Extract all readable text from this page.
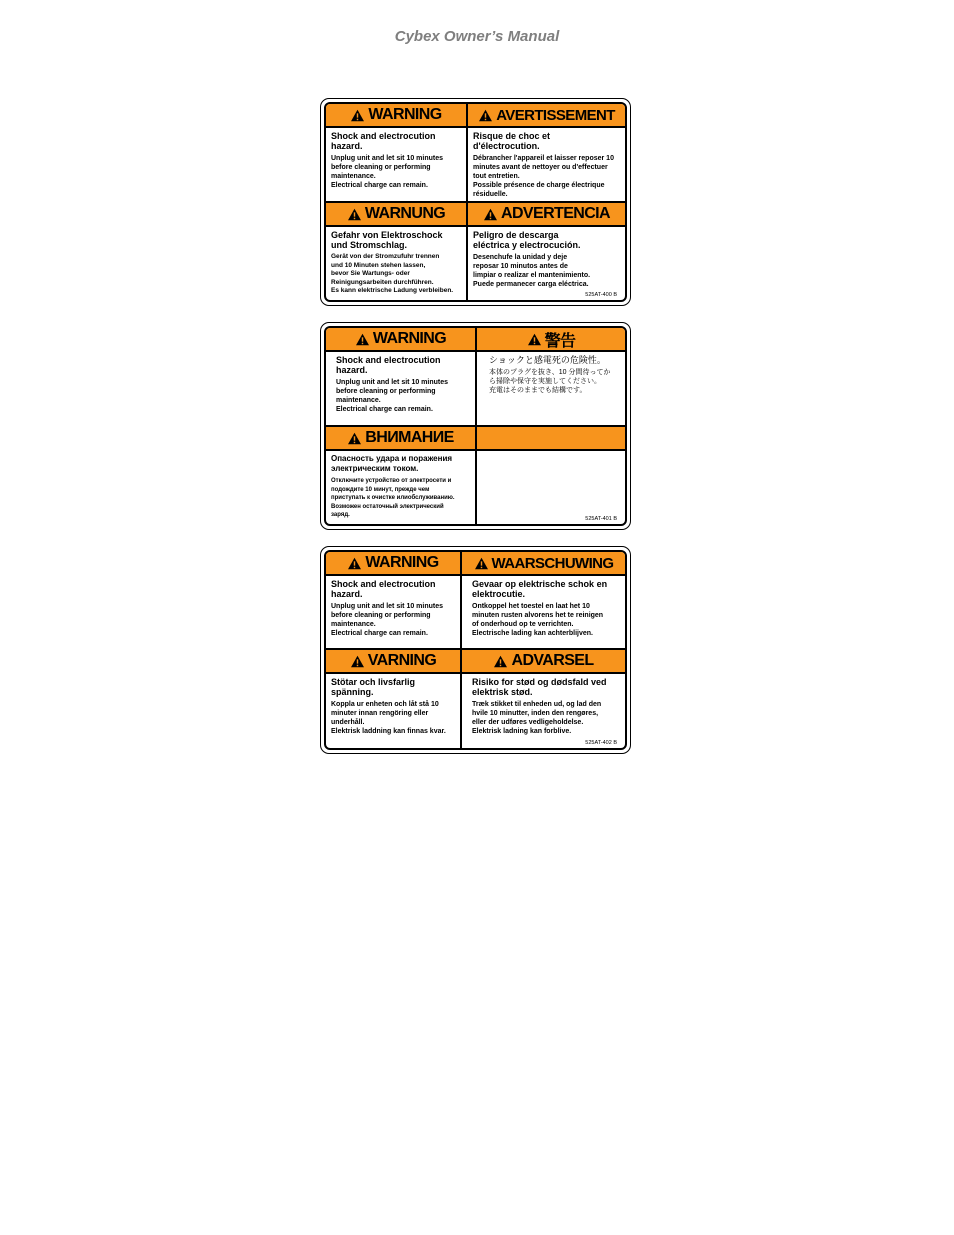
Cybex Owner’s Manual
WARNING	AVERTISSEMENT
Shock and electrocution
hazard.
Unplug unit and let sit 10 minutes
before cleaning or performing
maintenance.
Electrical charge can remain.
Risque de choc et
d'électrocution.
Débrancher l'appareil et laisser reposer 10
minutes avant de nettoyer ou d'effectuer
tout entretien.
Possible présence de charge électrique
résiduelle.
WARNUNG	ADVERTENCIA
Gefahr von Elektroschock
und Stromschlag.
Gerät von der Stromzufuhr trennen
und 10 Minuten stehen lassen,
bevor Sie Wartungs- oder
Reinigungsarbeiten durchführen.
Es kann elektrische Ladung verbleiben.
Peligro de descarga
eléctrica y electrocución.
Desenchufe la unidad y deje
reposar 10 minutos antes de
limpiar o realizar el mantenimiento.
Puede permanecer carga eléctrica.
525AT-400 B
WARNING	警告
Shock and electrocution
hazard.
Unplug unit and let sit 10 minutes
before cleaning or performing
maintenance.
Electrical charge can remain.
ショックと感電死の危険性。
本体のプラグを抜き、10 分間待ってか
ら掃除や保守を実施してください。
充電はそのままでも結構です。
ВНИМАНИЕ
Опасность удара и поражения
электрическим током.
Отключите устройство от электросети и
подождите 10 минут, прежде чем
приступать к очистке илиобслуживанию.
Возможен остаточный электрический
заряд.
525AT-401 B
WARNING	WAARSCHUWING
Shock and electrocution
hazard.
Unplug unit and let sit 10 minutes
before cleaning or performing
maintenance.
Electrical charge can remain.
Gevaar op elektrische schok en
elektrocutie.
Ontkoppel het toestel en laat het 10
minuten rusten alvorens het te reinigen
of onderhoud op te verrichten.
Electrische lading kan achterblijven.
VARNING	ADVARSEL
Stötar och livsfarlig
spänning.
Koppla ur enheten och låt stå 10
minuter innan rengöring eller
underhåll.
Elektrisk laddning kan finnas kvar.
Risiko for stød og dødsfald ved
elektrisk stød.
Træk stikket til enheden ud, og lad den
hvile 10 minutter, inden den rengøres,
eller der udføres vedligeholdelse.
Elektrisk ladning kan forblive.
525AT-402 B
